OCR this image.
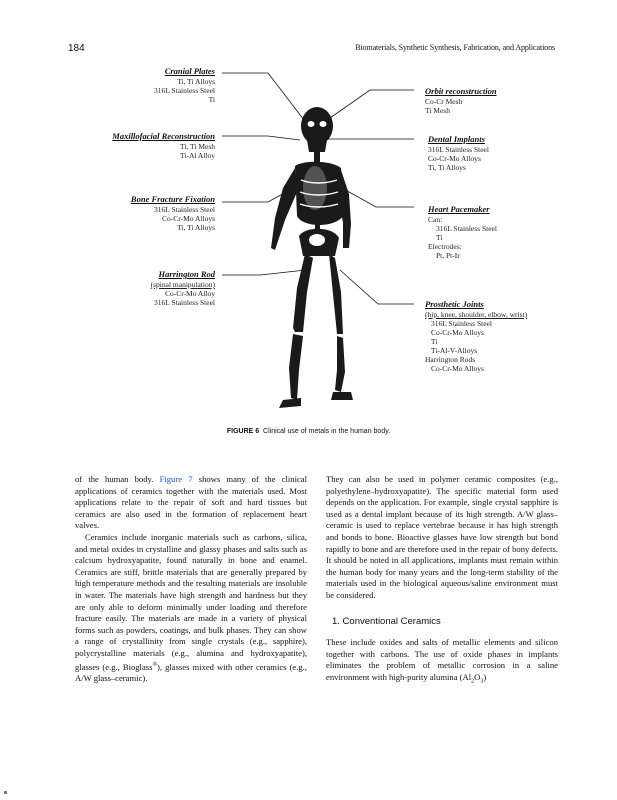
184	Biomaterials, Synthetic Synthesis, Fabrication, and Applications
Cranial Plates
Ti, Ti Alloys
316L Stainless Steel
Ti
Maxillofacial Reconstruction
Ti, Ti Mesh
Ti-Al Alloy
Bone Fracture Fixation
316L Stainless Steel
Co-Cr-Mo Alloys
Ti, Ti Alloys
Harrington Rod
(spinal manipulation)
Co-Cr-Mo Alloy
316L Stainless Steel
Orbit reconstruction
Co-Cr Mesh
Ti Mesh
Dental Implants
316L Stainless Steel
Co-Cr-Mo Alloys
Ti, Ti Alloys
Heart Pacemaker
Can:
316L Stainless Steel
Ti
Electrodes:
Pt, Pt-Ir
Prosthetic Joints
(hip, knee, shoulder, elbow, wrist)
316L Stainless Steel
Co-Cr-Mo Alloys
Ti
Ti-Al-V-Alloys
Harrington Rods
Co-Cr-Mo Alloys
FIGURE 6 Clinical use of metals in the human body.

of the human body. Figure 7 shows many of the clinical applications of ceramics together with the materials used. Most applications relate to the repair of soft and hard tissues but ceramics are also used in the formation of replacement heart valves.

Ceramics include inorganic materials such as carbons, silica, and metal oxides in crystalline and glassy phases and salts such as calcium hydroxyapatite, found naturally in bone and enamel. Ceramics are stiff, brittle materials that are generally prepared by high temperature methods and the resulting materials are insoluble in water. The materials have high strength and hardness but they are only able to deform minimally under loading and therefore fracture easily. The materials are made in a variety of physical forms such as powders, coatings, and bulk phases. They can show a range of crystallinity from single crystals (e.g., sapphire), polycrystalline materials (e.g., alumina and hydroxyapatite), glasses (e.g., Bioglass®), glasses mixed with other ceramics (e.g., A/W glass–ceramic).

They can also be used in polymer ceramic composites (e.g., polyethylene–hydroxyapatite). The specific material form used depends on the application. For example, single crystal sapphire is used as a dental implant because of its high strength. A/W glass–ceramic is used to replace vertebrae because it has high strength and bonds to bone. Bioactive glasses have low strength but bond rapidly to bone and are therefore used in the repair of bony defects. It should be noted in all applications, implants must remain within the human body for many years and the long-term stability of the materials used in the biological aqueous/saline environment must be considered.

1. Conventional Ceramics

These include oxides and salts of metallic elements and silicon together with carbons. The use of oxide phases in implants eliminates the problem of metallic corrosion in a saline environment with high-purity alumina $(Al_2O_3)$
